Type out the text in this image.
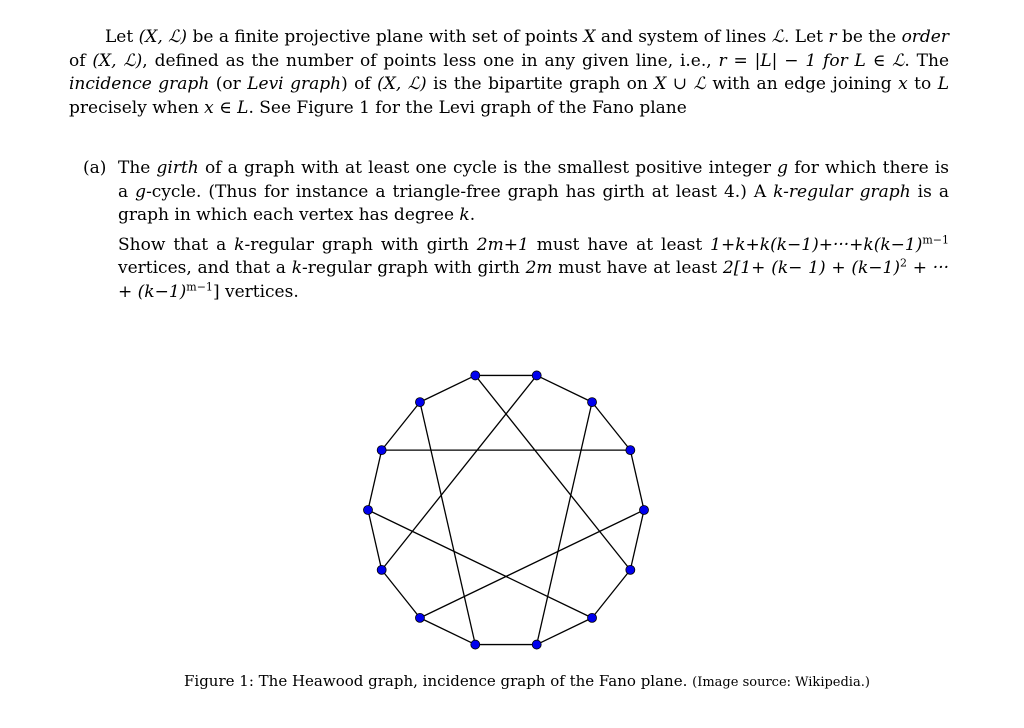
Let (X, ℒ) be a finite projective plane with set of points X and system of lines ℒ. Let r be the order of (X, ℒ), defined as the number of points less one in any given line, i.e., r = |L| − 1 for L ∈ ℒ. The incidence graph (or Levi graph) of (X, ℒ) is the bipartite graph on X ∪ ℒ with an edge joining x to L precisely when x ∈ L. See Figure 1 for the Levi graph of the Fano plane

(a) The girth of a graph with at least one cycle is the smallest positive integer g for which there is a g-cycle. (Thus for instance a triangle-free graph has girth at least 4.) A k-regular graph is a graph in which each vertex has degree k.

Show that a k-regular graph with girth 2m+1 must have at least $1+k+k(k-1)+\cdot\cdot\cdot+k(k-1)^{m-1}$ vertices, and that a k-regular graph with girth 2m must have at least $2[1+ (k- 1) + (k-1)^2$ + ··· + $(k-1)^{m-1}$] vertices.

Figure 1: The Heawood graph, incidence graph of the Fano plane. (Image source: Wikipedia.)
